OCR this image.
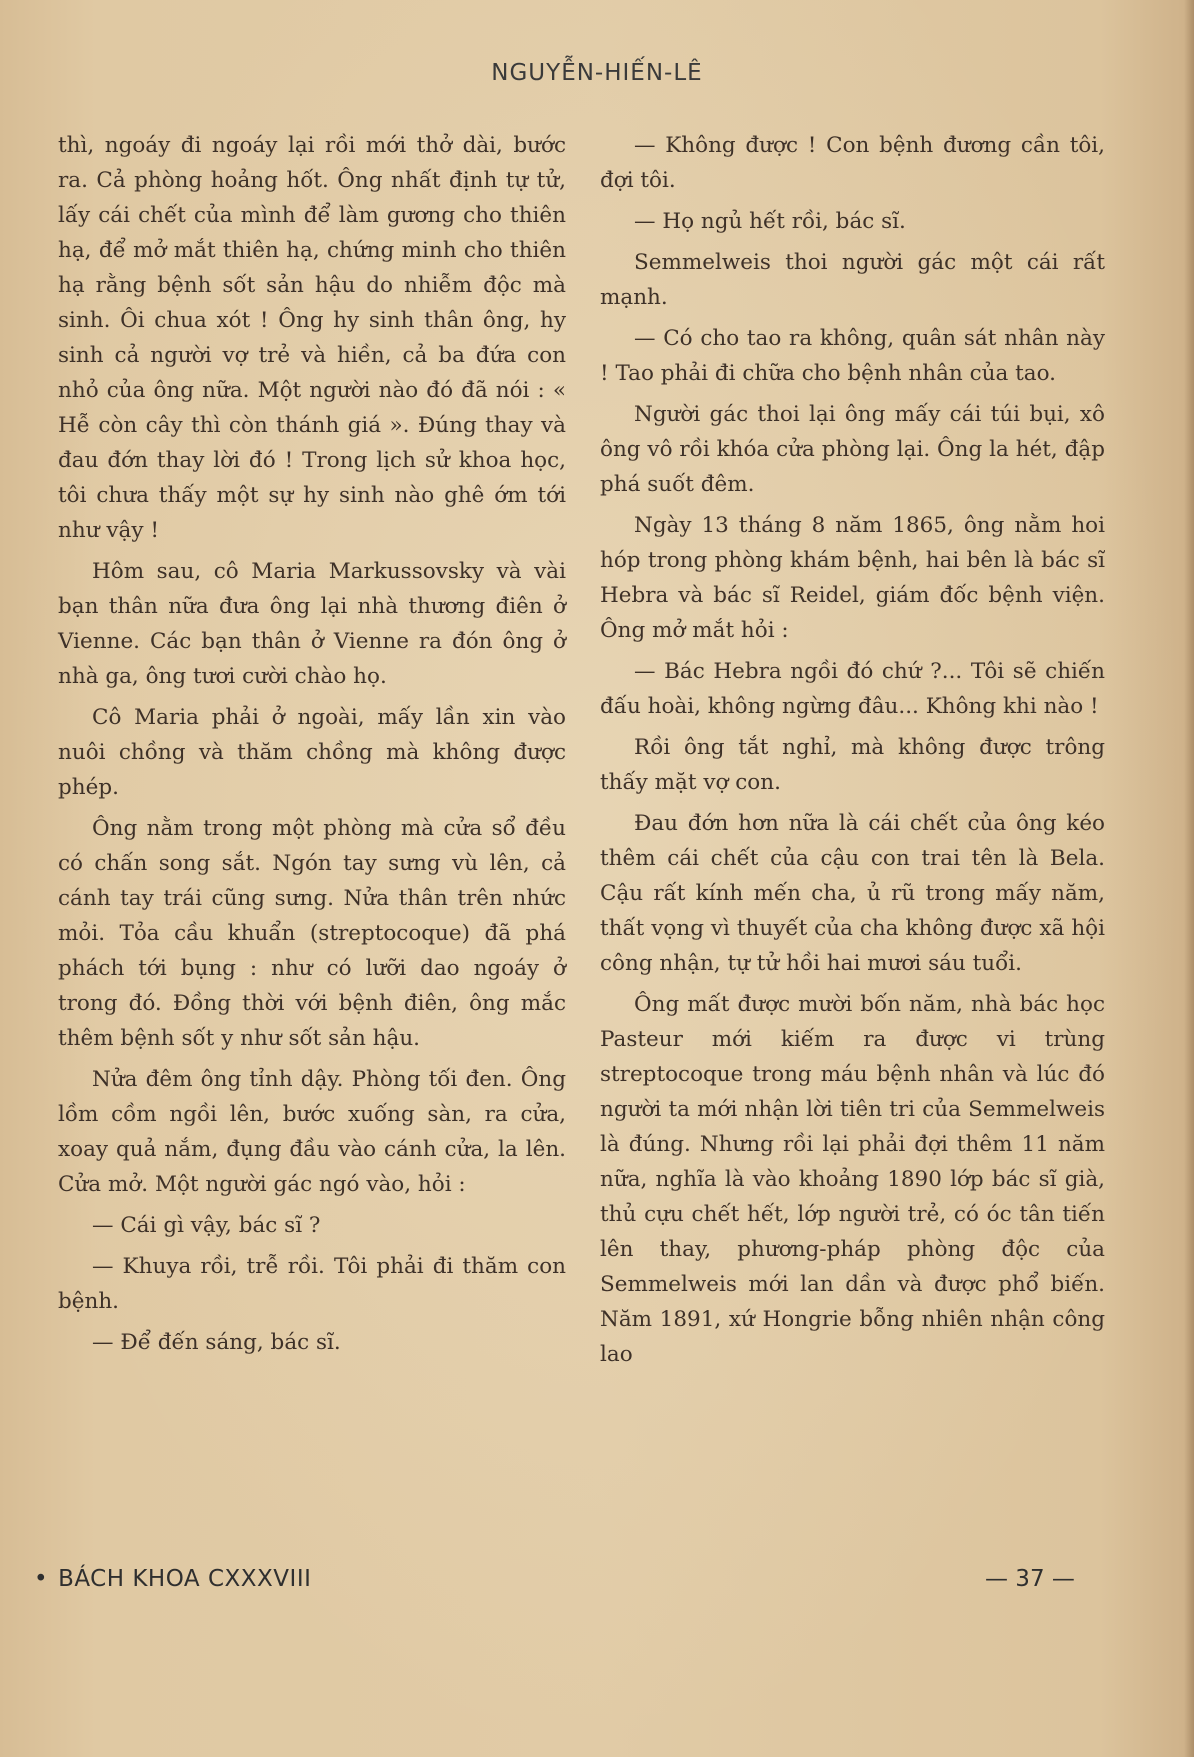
NGUYỄN-HIẾN-LÊ

thì, ngoáy đi ngoáy lại rồi mới thở dài, bước ra. Cả phòng hoảng hốt. Ông nhất định tự tử, lấy cái chết của mình để làm gương cho thiên hạ, để mở mắt thiên hạ, chứng minh cho thiên hạ rằng bệnh sốt sản hậu do nhiễm độc mà sinh. Ôi chua xót ! Ông hy sinh thân ông, hy sinh cả người vợ trẻ và hiền, cả ba đứa con nhỏ của ông nữa. Một người nào đó đã nói : « Hễ còn cây thì còn thánh giá ». Đúng thay và đau đớn thay lời đó ! Trong lịch sử khoa học, tôi chưa thấy một sự hy sinh nào ghê ớm tới như vậy !

Hôm sau, cô Maria Markussovsky và vài bạn thân nữa đưa ông lại nhà thương điên ở Vienne. Các bạn thân ở Vienne ra đón ông ở nhà ga, ông tươi cười chào họ.

Cô Maria phải ở ngoài, mấy lần xin vào nuôi chồng và thăm chồng mà không được phép.

Ông nằm trong một phòng mà cửa sổ đều có chấn song sắt. Ngón tay sưng vù lên, cả cánh tay trái cũng sưng. Nửa thân trên nhức mỏi. Tỏa cầu khuẩn (streptocoque) đã phá phách tới bụng : như có lưỡi dao ngoáy ở trong đó. Đồng thời với bệnh điên, ông mắc thêm bệnh sốt y như sốt sản hậu.

Nửa đêm ông tỉnh dậy. Phòng tối đen. Ông lồm cồm ngồi lên, bước xuống sàn, ra cửa, xoay quả nắm, đụng đầu vào cánh cửa, la lên. Cửa mở. Một người gác ngó vào, hỏi :

— Cái gì vậy, bác sĩ ?

— Khuya rồi, trễ rồi. Tôi phải đi thăm con bệnh.

— Để đến sáng, bác sĩ.

— Không được ! Con bệnh đương cần tôi, đợi tôi.

— Họ ngủ hết rồi, bác sĩ.

Semmelweis thoi người gác một cái rất mạnh.

— Có cho tao ra không, quân sát nhân này ! Tao phải đi chữa cho bệnh nhân của tao.

Người gác thoi lại ông mấy cái túi bụi, xô ông vô rồi khóa cửa phòng lại. Ông la hét, đập phá suốt đêm.

Ngày 13 tháng 8 năm 1865, ông nằm hoi hóp trong phòng khám bệnh, hai bên là bác sĩ Hebra và bác sĩ Reidel, giám đốc bệnh viện. Ông mở mắt hỏi :

— Bác Hebra ngồi đó chứ ?... Tôi sẽ chiến đấu hoài, không ngừng đâu... Không khi nào !

Rồi ông tắt nghỉ, mà không được trông thấy mặt vợ con.

Đau đớn hơn nữa là cái chết của ông kéo thêm cái chết của cậu con trai tên là Bela. Cậu rất kính mến cha, ủ rũ trong mấy năm, thất vọng vì thuyết của cha không được xã hội công nhận, tự tử hồi hai mươi sáu tuổi.

Ông mất được mười bốn năm, nhà bác học Pasteur mới kiếm ra được vi trùng streptocoque trong máu bệnh nhân và lúc đó người ta mới nhận lời tiên tri của Semmelweis là đúng. Nhưng rồi lại phải đợi thêm 11 năm nữa, nghĩa là vào khoảng 1890 lớp bác sĩ già, thủ cựu chết hết, lớp người trẻ, có óc tân tiến lên thay, phương-pháp phòng độc của Semmelweis mới lan dần và được phổ biến. Năm 1891, xứ Hongrie bỗng nhiên nhận công lao

• BÁCH KHOA CXXXVIII	— 37 —
